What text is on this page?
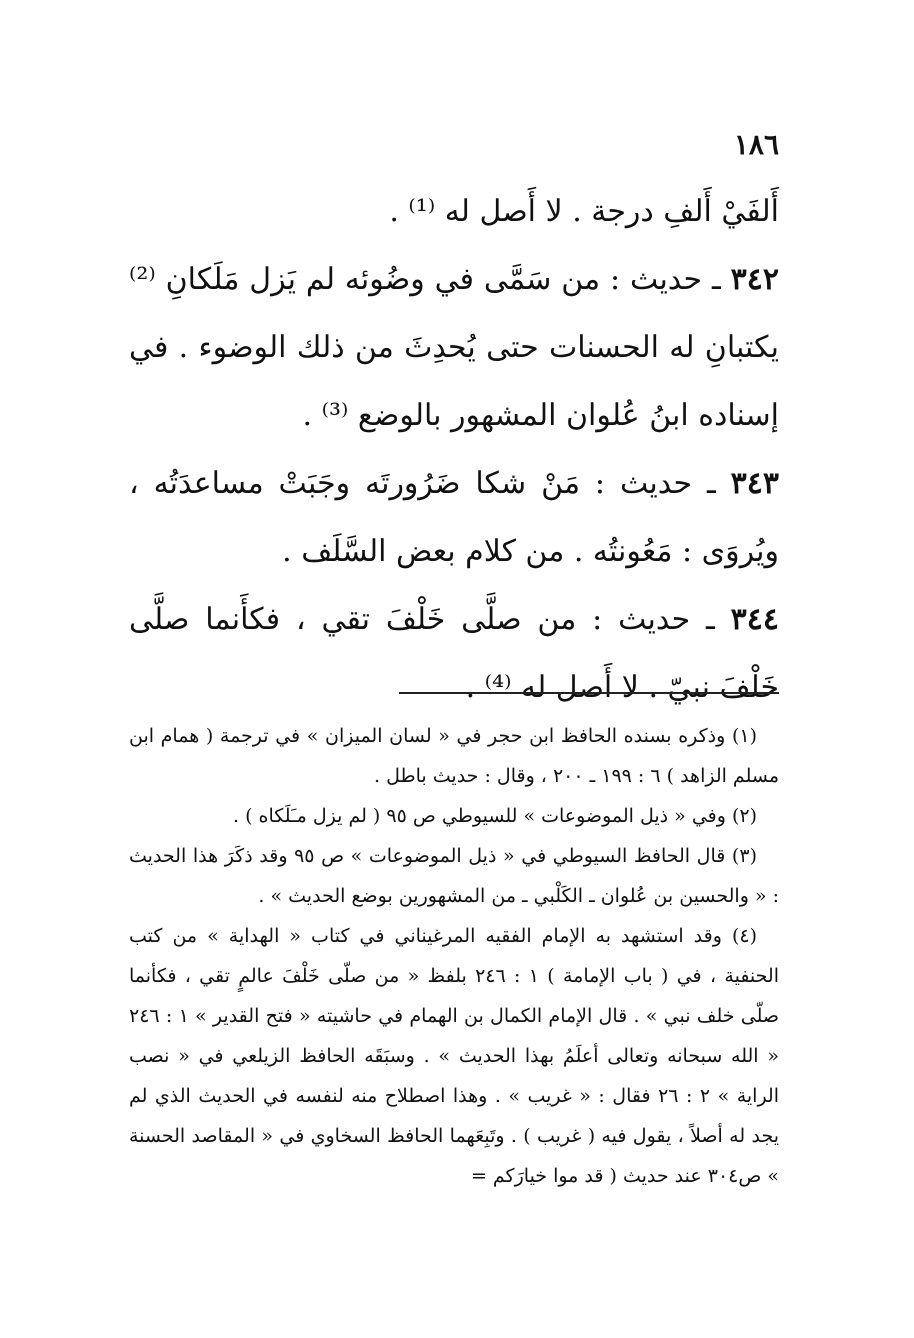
١٨٦

أَلفَيْ أَلفِ درجة . لا أَصل له ⁽¹⁾ .

٣٤٢ ـ حديث : من سَمَّى في وضُوئه لم يَزل مَلَكانِ ⁽²⁾ يكتبانِ له الحسنات حتى يُحدِثَ من ذلك الوضوء . في إسناده ابنُ عُلوان المشهور بالوضع ⁽³⁾ .

٣٤٣ ـ حديث : مَنْ شكا ضَرُورتَه وجَبَتْ مساعدَتُه ، ويُروَى : مَعُونتُه . من كلام بعض السَّلَف .

٣٤٤ ـ حديث : من صلَّى خَلْفَ تقي ، فكأَنما صلَّى خَلْفَ نبيّ . لا أَصل له ⁽⁴⁾ .

(١) وذكره بسنده الحافظ ابن حجر في « لسان الميزان » في ترجمة ( همام ابن مسلم الزاهد ) ٦ : ١٩٩ ـ ٢٠٠ ، وقال : حديث باطل .

(٢) وفي « ذيل الموضوعات » للسيوطي ص ٩٥ ( لم يزل مـَلَكاه ) .

(٣) قال الحافظ السيوطي في « ذيل الموضوعات » ص ٩٥ وقد ذكَرَ هذا الحديث : « والحسين بن عُلوان ـ الكَلْبي ـ من المشهورين بوضع الحديث » .

(٤) وقد استشهد به الإمام الفقيه المرغيناني في كتاب « الهداية » من كتب الحنفية ، في ( باب الإمامة ) ١ : ٢٤٦ بلفظ « من صلّى خَلْفَ عالمٍ تقي ، فكأنما صلّى خلف نبي » . قال الإمام الكمال بن الهمام في حاشيته « فتح القدير » ١ : ٢٤٦ « الله سبحانه وتعالى أعلَمُ بهذا الحديث » . وسبَقَه الحافظ الزيلعي في « نصب الراية » ٢ : ٢٦ فقال : « غريب » . وهذا اصطلاح منه لنفسه في الحديث الذي لم يجد له أصلاً ، يقول فيه ( غريب ) . وتَبِعَهما الحافظ السخاوي في « المقاصد الحسنة » ص٣٠٤ عند حديث ( قد موا خيارَكم =
